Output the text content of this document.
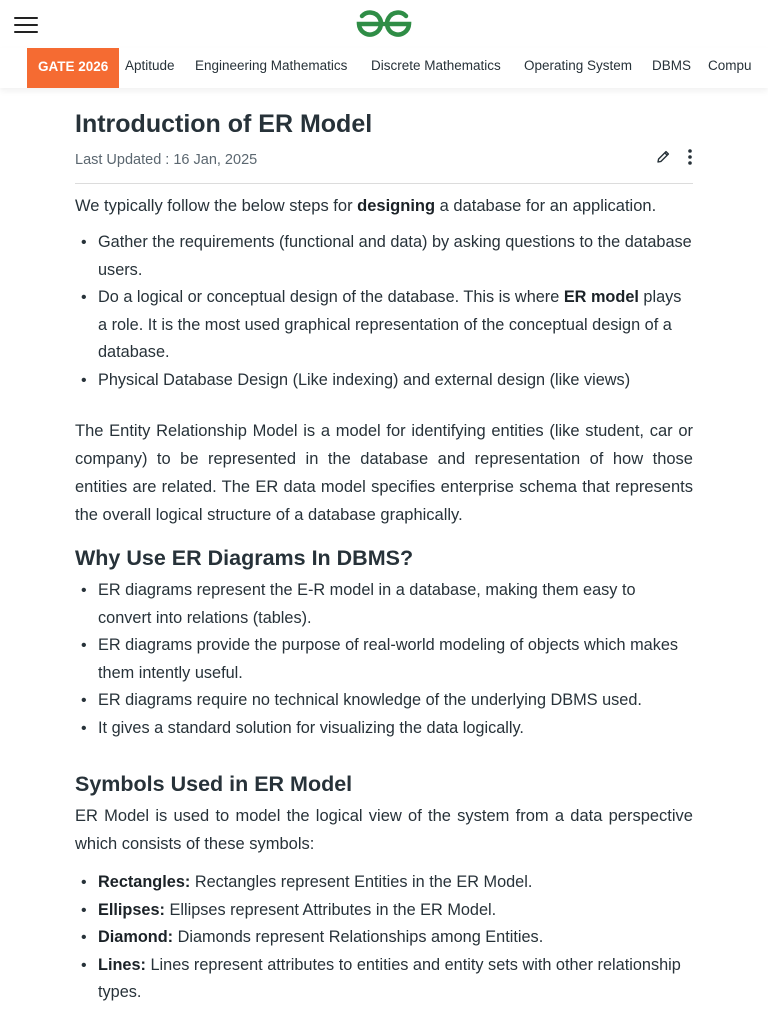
GATE 2026	Aptitude Engineering Mathematics Discrete Mathematics Operating System DBMS Compu
Introduction of ER Model
Last Updated : 16 Jan, 2025

We typically follow the below steps for designing a database for an application.

• Gather the requirements (functional and data) by asking questions to the database users.
• Do a logical or conceptual design of the database. This is where ER model plays a role. It is the most used graphical representation of the conceptual design of a database.
• Physical Database Design (Like indexing) and external design (like views)

The Entity Relationship Model is a model for identifying entities (like student, car or company) to be represented in the database and representation of how those entities are related. The ER data model specifies enterprise schema that represents the overall logical structure of a database graphically.

Why Use ER Diagrams In DBMS?
• ER diagrams represent the E-R model in a database, making them easy to convert into relations (tables).
• ER diagrams provide the purpose of real-world modeling of objects which makes them intently useful.
• ER diagrams require no technical knowledge of the underlying DBMS used.
• It gives a standard solution for visualizing the data logically.
Symbols Used in ER Model

ER Model is used to model the logical view of the system from a data perspective which consists of these symbols:

• Rectangles: Rectangles represent Entities in the ER Model.
• Ellipses: Ellipses represent Attributes in the ER Model.
• Diamond: Diamonds represent Relationships among Entities.
• Lines: Lines represent attributes to entities and entity sets with other relationship types.
